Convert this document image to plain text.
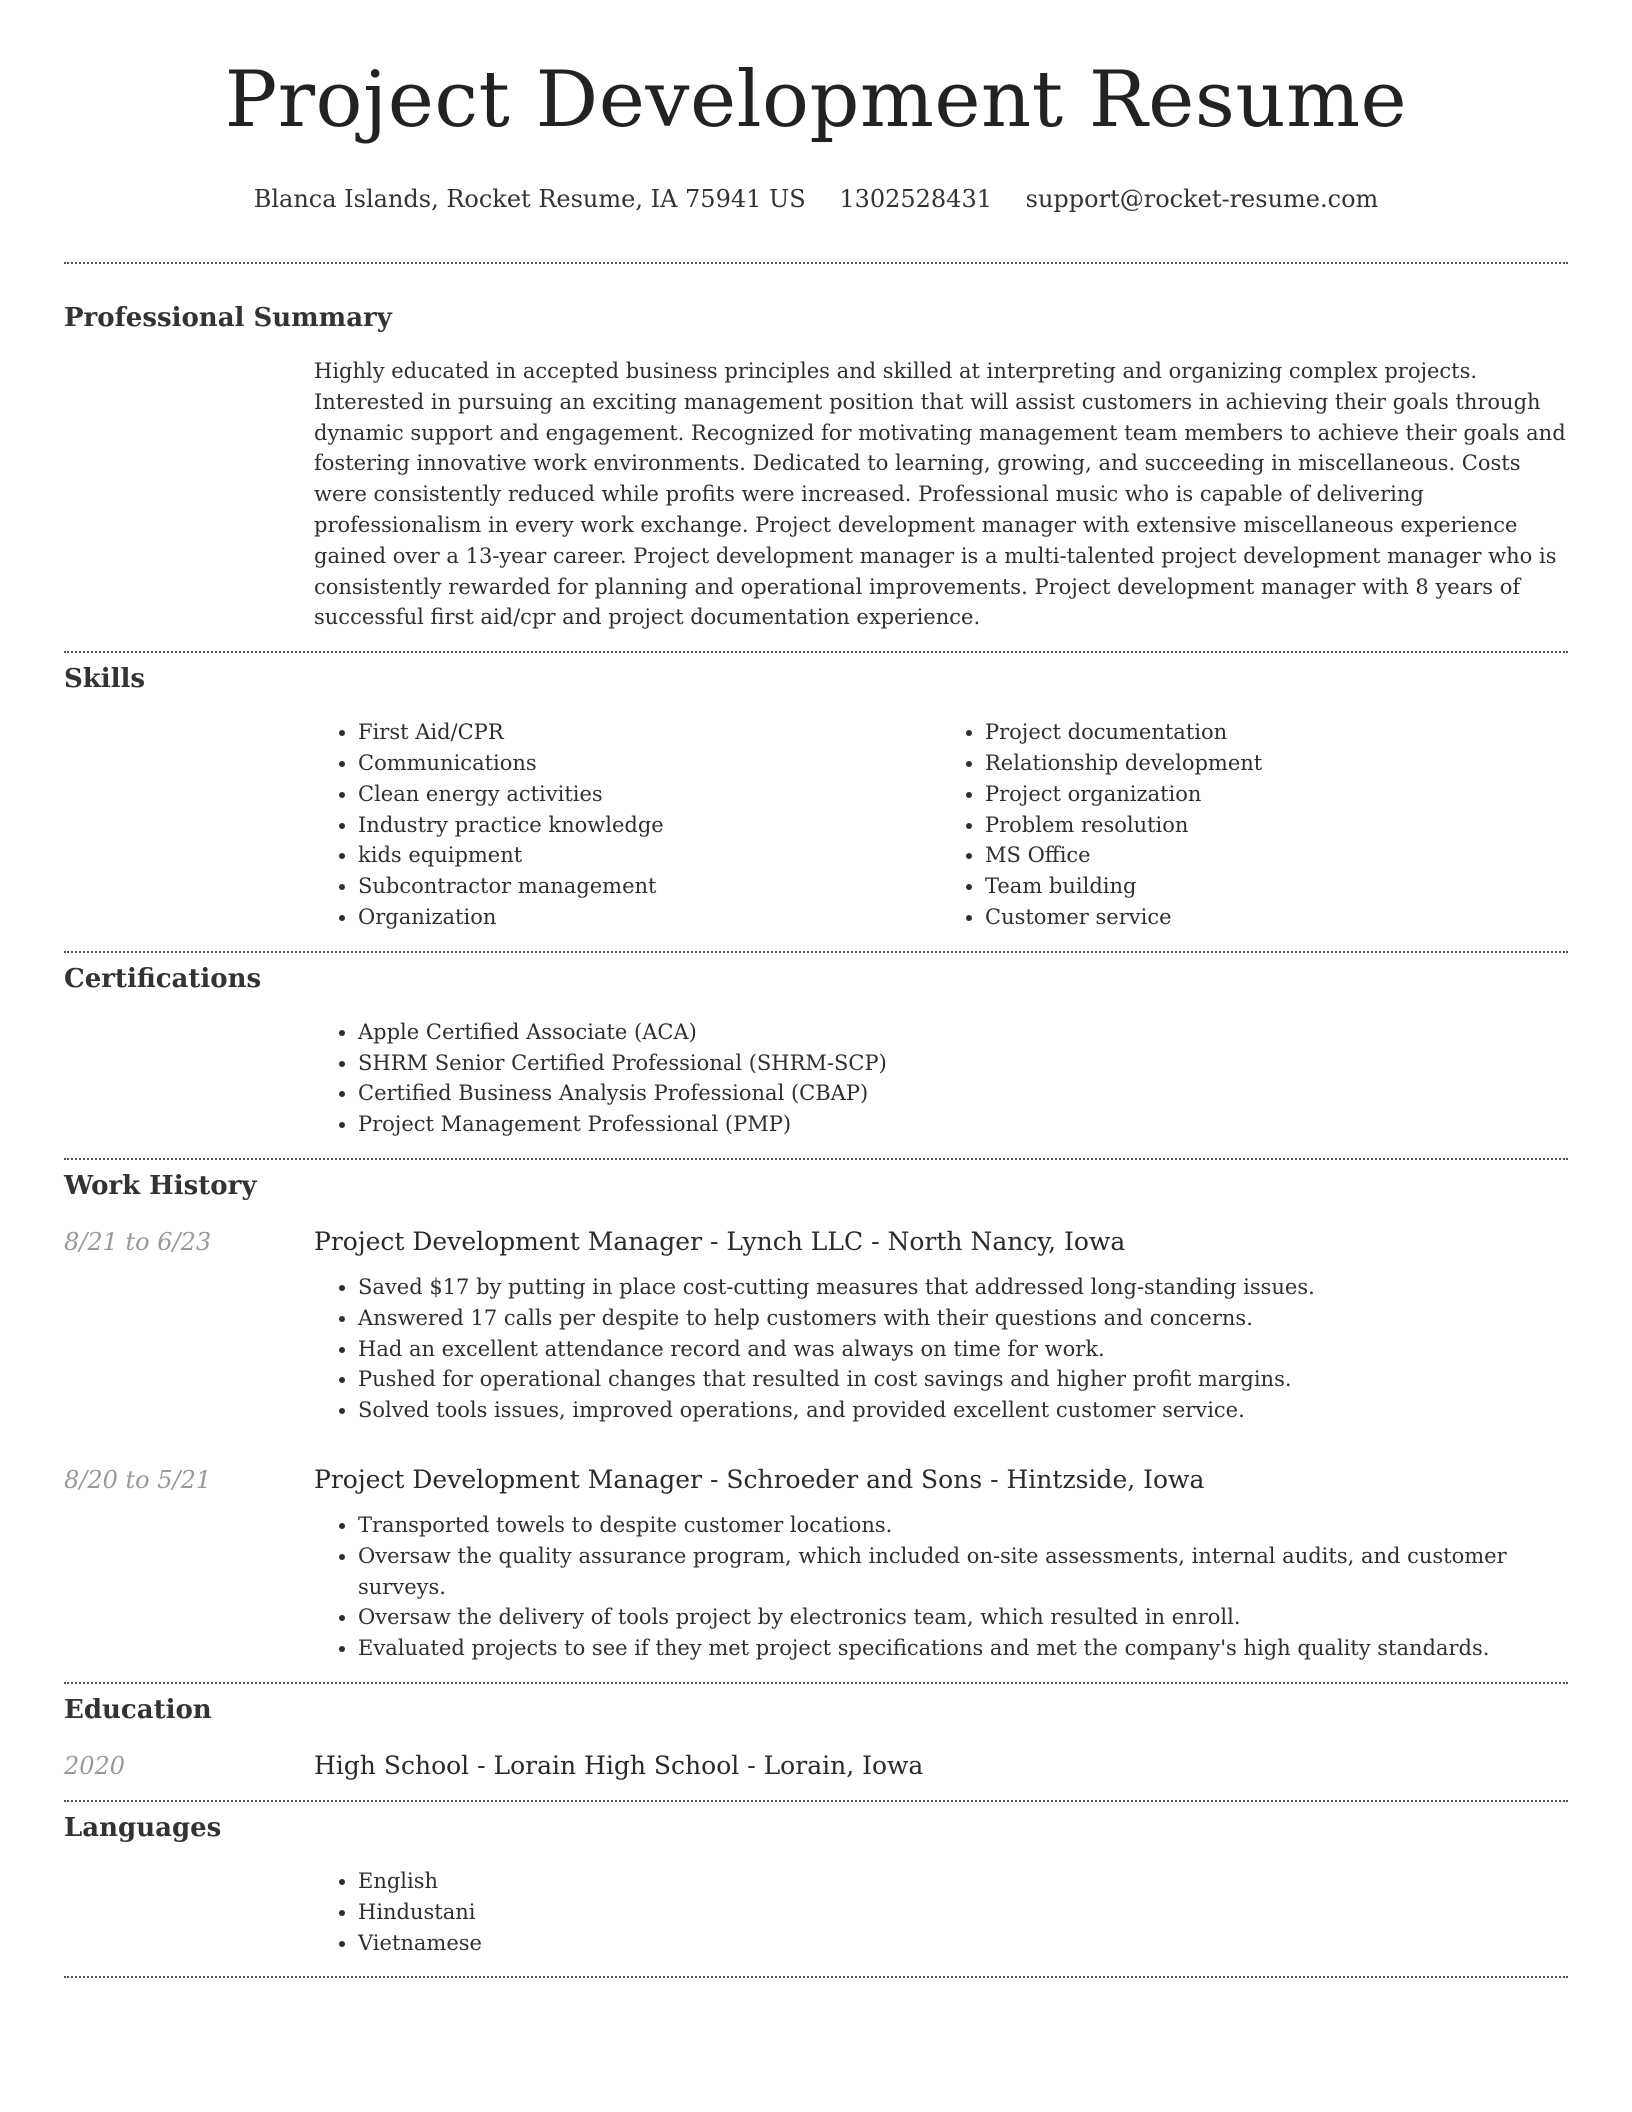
Project Development Resume
Blanca Islands, Rocket Resume, IA 75941 US 1302528431 support@rocket-resume.com
Professional Summary

Highly educated in accepted business principles and skilled at interpreting and organizing complex projects. Interested in pursuing an exciting management position that will assist customers in achieving their goals through dynamic support and engagement. Recognized for motivating management team members to achieve their goals and fostering innovative work environments. Dedicated to learning, growing, and succeeding in miscellaneous. Costs were consistently reduced while profits were increased. Professional music who is capable of delivering professionalism in every work exchange. Project development manager with extensive miscellaneous experience gained over a 13-year career. Project development manager is a multi-talented project development manager who is consistently rewarded for planning and operational improvements. Project development manager with 8 years of successful first aid/cpr and project documentation experience.

Skills
• First Aid/CPR
• Communications
• Clean energy activities
• Industry practice knowledge
• kids equipment
• Subcontractor management
• Organization
• Project documentation
• Relationship development
• Project organization
• Problem resolution
• MS Office
• Team building
• Customer service
Certifications
• Apple Certified Associate (ACA)
• SHRM Senior Certified Professional (SHRM-SCP)
• Certified Business Analysis Professional (CBAP)
• Project Management Professional (PMP)
Work History
8/21 to 6/23	Project Development Manager - Lynch LLC - North Nancy, Iowa
• Saved $17 by putting in place cost-cutting measures that addressed long-standing issues.
• Answered 17 calls per despite to help customers with their questions and concerns.
• Had an excellent attendance record and was always on time for work.
• Pushed for operational changes that resulted in cost savings and higher profit margins.
• Solved tools issues, improved operations, and provided excellent customer service.
8/20 to 5/21	Project Development Manager - Schroeder and Sons - Hintzside, Iowa
• Transported towels to despite customer locations.
• Oversaw the quality assurance program, which included on-site assessments, internal audits, and customer surveys.
• Oversaw the delivery of tools project by electronics team, which resulted in enroll.
• Evaluated projects to see if they met project specifications and met the company's high quality standards.
Education
2020	High School - Lorain High School - Lorain, Iowa
Languages
• English
• Hindustani
• Vietnamese
